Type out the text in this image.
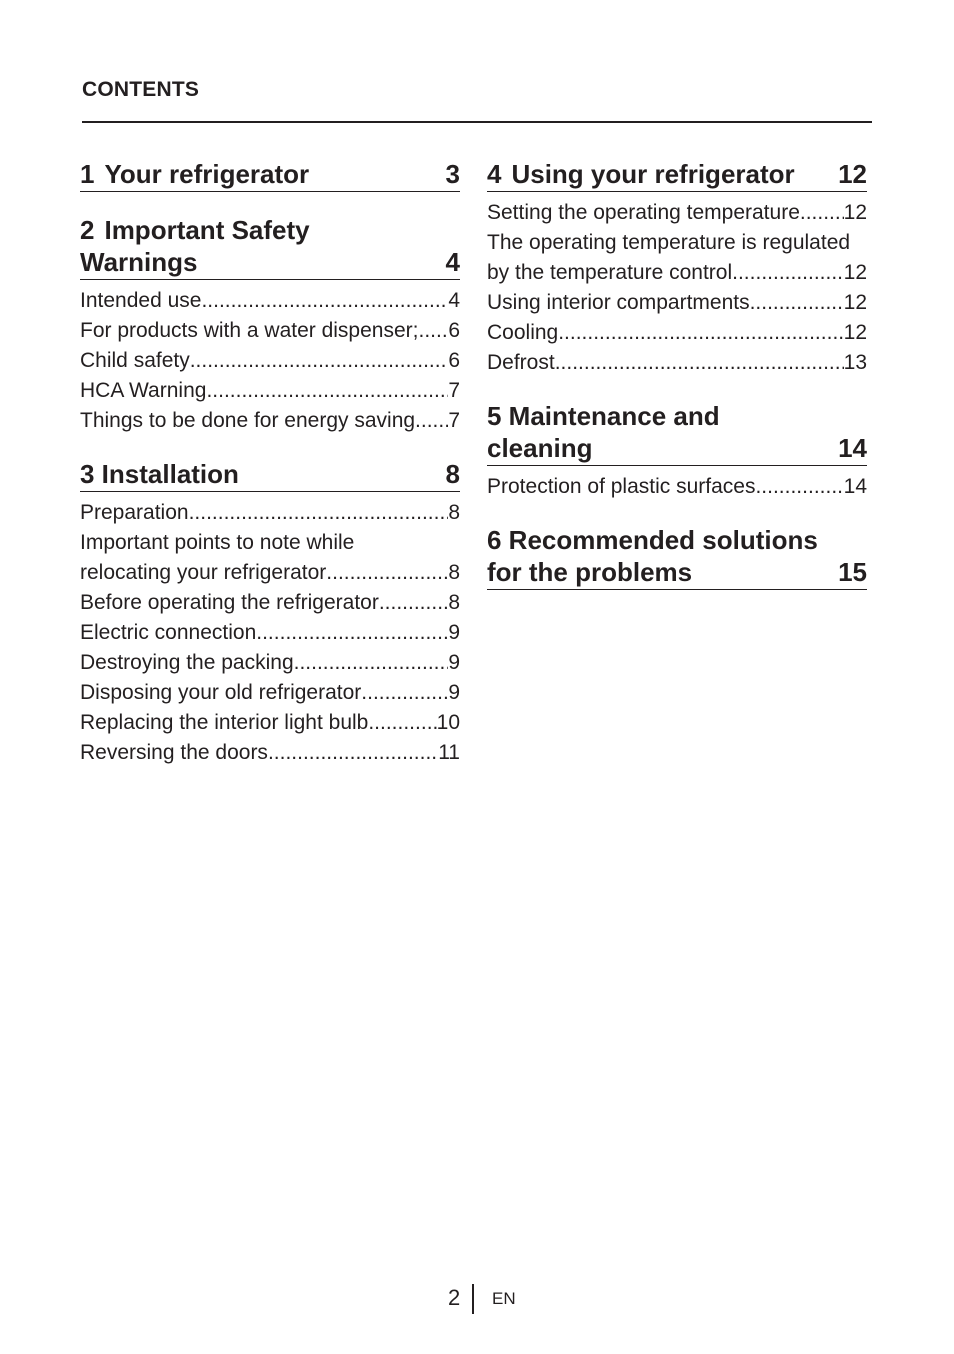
CONTENTS
1 Your refrigerator	3
2 Important Safety
Warnings	4
Intended use .....	4
For products with a water dispenser; ..... 6
Child safety .....	6
HCA Warning .....	7
Things to be done for energy saving ..... 7
3 Installation	8
Preparation .....	8
Important points to note while
relocating your refrigerator .....	8
Before operating the refrigerator .....	8
Electric connection .....	9
Destroying the packing .....	9
Disposing your old refrigerator .....	9
Replacing the interior light bulb .....	10
Reversing the doors .....	11
4 Using your refrigerator 12
Setting the operating temperature ..... 12
The operating temperature is regulated
by the temperature control .....	12
Using interior compartments .....	12
Cooling .....	12
Defrost .....	13
5 Maintenance and
cleaning	14
Protection of plastic surfaces .....	14
6 Recommended solutions
for the problems	15
2 EN
